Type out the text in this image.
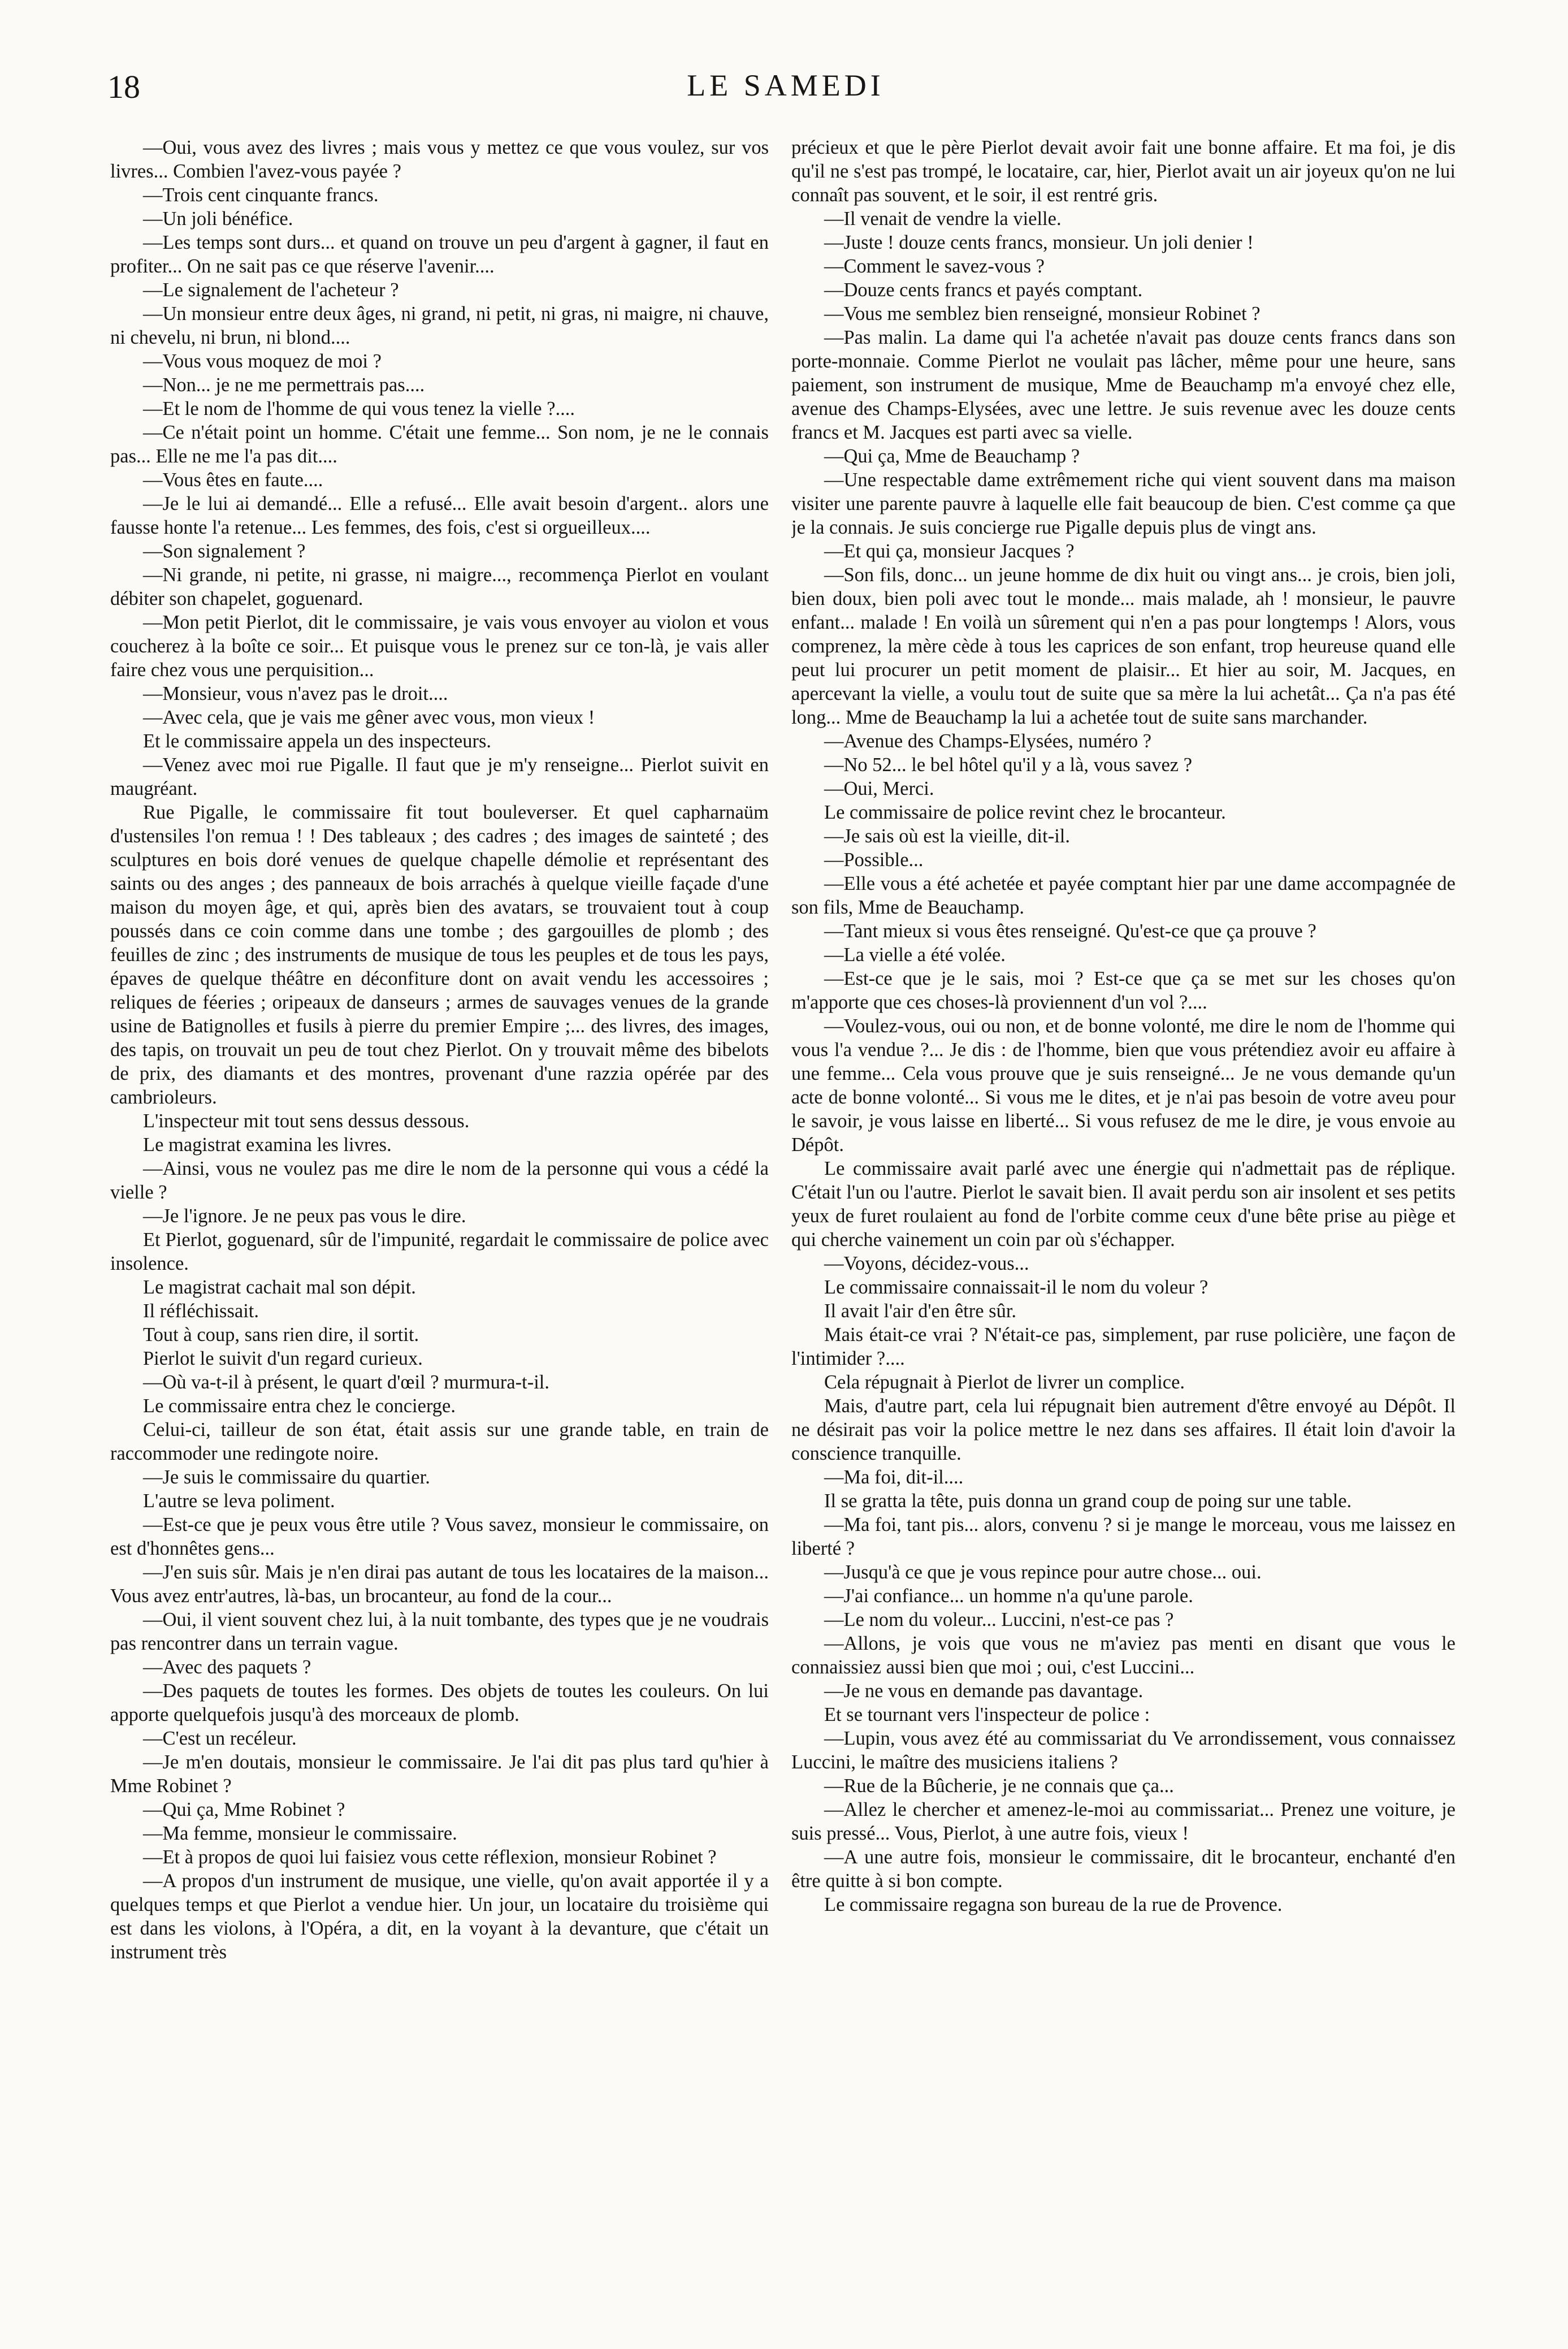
18	LE SAMEDI

—Oui, vous avez des livres ; mais vous y mettez ce que vous voulez, sur vos livres... Combien l'avez-vous payée ?

—Trois cent cinquante francs.

—Un joli bénéfice.

—Les temps sont durs... et quand on trouve un peu d'argent à gagner, il faut en profiter... On ne sait pas ce que réserve l'avenir....

—Le signalement de l'acheteur ?

—Un monsieur entre deux âges, ni grand, ni petit, ni gras, ni maigre, ni chauve, ni chevelu, ni brun, ni blond....

—Vous vous moquez de moi ?

—Non... je ne me permettrais pas....

—Et le nom de l'homme de qui vous tenez la vielle ?....

—Ce n'était point un homme. C'était une femme... Son nom, je ne le connais pas... Elle ne me l'a pas dit....

—Vous êtes en faute....

—Je le lui ai demandé... Elle a refusé... Elle avait besoin d'argent.. alors une fausse honte l'a retenue... Les femmes, des fois, c'est si orgueilleux....

—Son signalement ?

—Ni grande, ni petite, ni grasse, ni maigre..., recommença Pierlot en voulant débiter son chapelet, goguenard.

—Mon petit Pierlot, dit le commissaire, je vais vous envoyer au violon et vous coucherez à la boîte ce soir... Et puisque vous le prenez sur ce ton-là, je vais aller faire chez vous une perquisition...

—Monsieur, vous n'avez pas le droit....

—Avec cela, que je vais me gêner avec vous, mon vieux !

Et le commissaire appela un des inspecteurs.

—Venez avec moi rue Pigalle. Il faut que je m'y renseigne... Pierlot suivit en maugréant.

Rue Pigalle, le commissaire fit tout bouleverser. Et quel capharnaüm d'ustensiles l'on remua ! ! Des tableaux ; des cadres ; des images de sainteté ; des sculptures en bois doré venues de quelque chapelle démolie et représentant des saints ou des anges ; des panneaux de bois arrachés à quelque vieille façade d'une maison du moyen âge, et qui, après bien des avatars, se trouvaient tout à coup poussés dans ce coin comme dans une tombe ; des gargouilles de plomb ; des feuilles de zinc ; des instruments de musique de tous les peuples et de tous les pays, épaves de quelque théâtre en déconfiture dont on avait vendu les accessoires ; reliques de féeries ; oripeaux de danseurs ; armes de sauvages venues de la grande usine de Batignolles et fusils à pierre du premier Empire ;... des livres, des images, des tapis, on trouvait un peu de tout chez Pierlot. On y trouvait même des bibelots de prix, des diamants et des montres, provenant d'une razzia opérée par des cambrioleurs.

L'inspecteur mit tout sens dessus dessous.

Le magistrat examina les livres.

—Ainsi, vous ne voulez pas me dire le nom de la personne qui vous a cédé la vielle ?

—Je l'ignore. Je ne peux pas vous le dire.

Et Pierlot, goguenard, sûr de l'impunité, regardait le commissaire de police avec insolence.

Le magistrat cachait mal son dépit.

Il réfléchissait.

Tout à coup, sans rien dire, il sortit.

Pierlot le suivit d'un regard curieux.

—Où va-t-il à présent, le quart d'œil ? murmura-t-il.

Le commissaire entra chez le concierge.

Celui-ci, tailleur de son état, était assis sur une grande table, en train de raccommoder une redingote noire.

—Je suis le commissaire du quartier.

L'autre se leva poliment.

—Est-ce que je peux vous être utile ? Vous savez, monsieur le commissaire, on est d'honnêtes gens...

—J'en suis sûr. Mais je n'en dirai pas autant de tous les locataires de la maison... Vous avez entr'autres, là-bas, un brocanteur, au fond de la cour...

—Oui, il vient souvent chez lui, à la nuit tombante, des types que je ne voudrais pas rencontrer dans un terrain vague.

—Avec des paquets ?

—Des paquets de toutes les formes. Des objets de toutes les couleurs. On lui apporte quelquefois jusqu'à des morceaux de plomb.

—C'est un recéleur.

—Je m'en doutais, monsieur le commissaire. Je l'ai dit pas plus tard qu'hier à Mme Robinet ?

—Qui ça, Mme Robinet ?

—Ma femme, monsieur le commissaire.

—Et à propos de quoi lui faisiez vous cette réflexion, monsieur Robinet ?

—A propos d'un instrument de musique, une vielle, qu'on avait apportée il y a quelques temps et que Pierlot a vendue hier. Un jour, un locataire du troisième qui est dans les violons, à l'Opéra, a dit, en la voyant à la devanture, que c'était un instrument très

précieux et que le père Pierlot devait avoir fait une bonne affaire. Et ma foi, je dis qu'il ne s'est pas trompé, le locataire, car, hier, Pierlot avait un air joyeux qu'on ne lui connaît pas souvent, et le soir, il est rentré gris.

—Il venait de vendre la vielle.

—Juste ! douze cents francs, monsieur. Un joli denier !

—Comment le savez-vous ?

—Douze cents francs et payés comptant.

—Vous me semblez bien renseigné, monsieur Robinet ?

—Pas malin. La dame qui l'a achetée n'avait pas douze cents francs dans son porte-monnaie. Comme Pierlot ne voulait pas lâcher, même pour une heure, sans paiement, son instrument de musique, Mme de Beauchamp m'a envoyé chez elle, avenue des Champs-Elysées, avec une lettre. Je suis revenue avec les douze cents francs et M. Jacques est parti avec sa vielle.

—Qui ça, Mme de Beauchamp ?

—Une respectable dame extrêmement riche qui vient souvent dans ma maison visiter une parente pauvre à laquelle elle fait beaucoup de bien. C'est comme ça que je la connais. Je suis concierge rue Pigalle depuis plus de vingt ans.

—Et qui ça, monsieur Jacques ?

—Son fils, donc... un jeune homme de dix huit ou vingt ans... je crois, bien joli, bien doux, bien poli avec tout le monde... mais malade, ah ! monsieur, le pauvre enfant... malade ! En voilà un sûrement qui n'en a pas pour longtemps ! Alors, vous comprenez, la mère cède à tous les caprices de son enfant, trop heureuse quand elle peut lui procurer un petit moment de plaisir... Et hier au soir, M. Jacques, en apercevant la vielle, a voulu tout de suite que sa mère la lui achetât... Ça n'a pas été long... Mme de Beauchamp la lui a achetée tout de suite sans marchander.

—Avenue des Champs-Elysées, numéro ?

—No 52... le bel hôtel qu'il y a là, vous savez ?

—Oui, Merci.

Le commissaire de police revint chez le brocanteur.

—Je sais où est la vieille, dit-il.

—Possible...

—Elle vous a été achetée et payée comptant hier par une dame accompagnée de son fils, Mme de Beauchamp.

—Tant mieux si vous êtes renseigné. Qu'est-ce que ça prouve ?

—La vielle a été volée.

—Est-ce que je le sais, moi ? Est-ce que ça se met sur les choses qu'on m'apporte que ces choses-là proviennent d'un vol ?....

—Voulez-vous, oui ou non, et de bonne volonté, me dire le nom de l'homme qui vous l'a vendue ?... Je dis : de l'homme, bien que vous prétendiez avoir eu affaire à une femme... Cela vous prouve que je suis renseigné... Je ne vous demande qu'un acte de bonne volonté... Si vous me le dites, et je n'ai pas besoin de votre aveu pour le savoir, je vous laisse en liberté... Si vous refusez de me le dire, je vous envoie au Dépôt.

Le commissaire avait parlé avec une énergie qui n'admettait pas de réplique. C'était l'un ou l'autre. Pierlot le savait bien. Il avait perdu son air insolent et ses petits yeux de furet roulaient au fond de l'orbite comme ceux d'une bête prise au piège et qui cherche vainement un coin par où s'échapper.

—Voyons, décidez-vous...

Le commissaire connaissait-il le nom du voleur ?

Il avait l'air d'en être sûr.

Mais était-ce vrai ? N'était-ce pas, simplement, par ruse policière, une façon de l'intimider ?....

Cela répugnait à Pierlot de livrer un complice.

Mais, d'autre part, cela lui répugnait bien autrement d'être envoyé au Dépôt. Il ne désirait pas voir la police mettre le nez dans ses affaires. Il était loin d'avoir la conscience tranquille.

—Ma foi, dit-il....

Il se gratta la tête, puis donna un grand coup de poing sur une table.

—Ma foi, tant pis... alors, convenu ? si je mange le morceau, vous me laissez en liberté ?

—Jusqu'à ce que je vous repince pour autre chose... oui.

—J'ai confiance... un homme n'a qu'une parole.

—Le nom du voleur... Luccini, n'est-ce pas ?

—Allons, je vois que vous ne m'aviez pas menti en disant que vous le connaissiez aussi bien que moi ; oui, c'est Luccini...

—Je ne vous en demande pas davantage.

Et se tournant vers l'inspecteur de police :

—Lupin, vous avez été au commissariat du Ve arrondissement, vous connaissez Luccini, le maître des musiciens italiens ?

—Rue de la Bûcherie, je ne connais que ça...

—Allez le chercher et amenez-le-moi au commissariat... Prenez une voiture, je suis pressé... Vous, Pierlot, à une autre fois, vieux !

—A une autre fois, monsieur le commissaire, dit le brocanteur, enchanté d'en être quitte à si bon compte.

Le commissaire regagna son bureau de la rue de Provence.
